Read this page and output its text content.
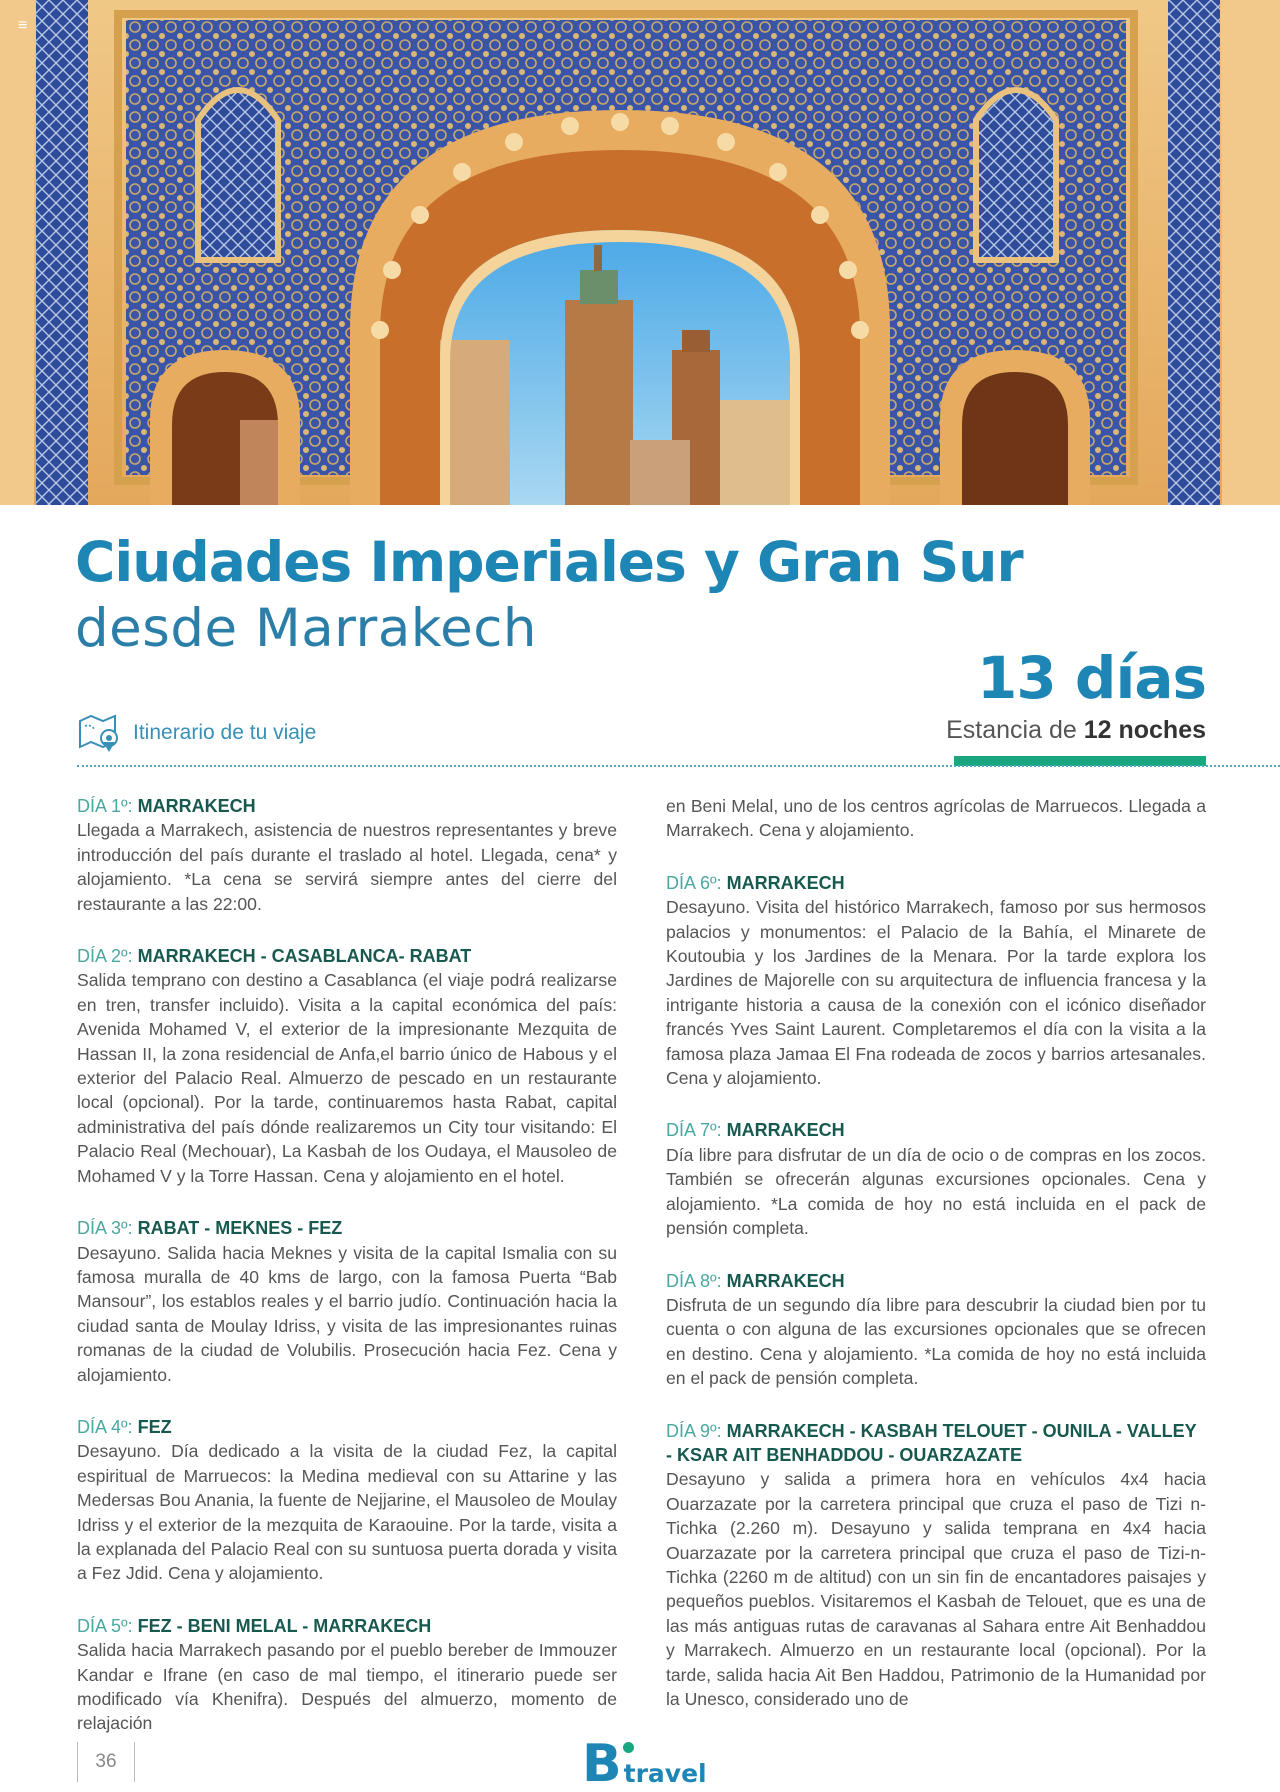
≡
Ciudades Imperiales y Gran Sur
desde Marrakech
13 días
Estancia de 12 noches
Itinerario de tu viaje
DÍA 1º: MARRAKECH

Llegada a Marrakech, asistencia de nuestros representantes y breve introducción del país durante el traslado al hotel. Llegada, cena* y alojamiento. *La cena se servirá siempre antes del cierre del restaurante a las 22:00.

DÍA 2º: MARRAKECH - CASABLANCA- RABAT

Salida temprano con destino a Casablanca (el viaje podrá realizarse en tren, transfer incluido). Visita a la capital económica del país: Avenida Mohamed V, el exterior de la impresionante Mezquita de Hassan II, la zona residencial de Anfa,el barrio único de Habous y el exterior del Palacio Real. Almuerzo de pescado en un restaurante local (opcional). Por la tarde, continuaremos hasta Rabat, capital administrativa del país dónde realizaremos un City tour visitando: El Palacio Real (Mechouar), La Kasbah de los Oudaya, el Mausoleo de Mohamed V y la Torre Hassan. Cena y alojamiento en el hotel.

DÍA 3º: RABAT - MEKNES - FEZ

Desayuno. Salida hacia Meknes y visita de la capital Ismalia con su famosa muralla de 40 kms de largo, con la famosa Puerta “Bab Mansour”, los establos reales y el barrio judío. Continuación hacia la ciudad santa de Moulay Idriss, y visita de las impresionantes ruinas romanas de la ciudad de Volubilis. Prosecución hacia Fez. Cena y alojamiento.

DÍA 4º: FEZ

Desayuno. Día dedicado a la visita de la ciudad Fez, la capital espiritual de Marruecos: la Medina medieval con su Attarine y las Medersas Bou Anania, la fuente de Nejjarine, el Mausoleo de Moulay Idriss y el exterior de la mezquita de Karaouine. Por la tarde, visita a la explanada del Palacio Real con su suntuosa puerta dorada y visita a Fez Jdid. Cena y alojamiento.

DÍA 5º: FEZ - BENI MELAL - MARRAKECH

Salida hacia Marrakech pasando por el pueblo bereber de Immouzer Kandar e Ifrane (en caso de mal tiempo, el itinerario puede ser modificado vía Khenifra). Después del almuerzo, momento de relajación

en Beni Melal, uno de los centros agrícolas de Marruecos. Llegada a Marrakech. Cena y alojamiento.

DÍA 6º: MARRAKECH

Desayuno. Visita del histórico Marrakech, famoso por sus hermosos palacios y monumentos: el Palacio de la Bahía, el Minarete de Koutoubia y los Jardines de la Menara. Por la tarde explora los Jardines de Majorelle con su arquitectura de influencia francesa y la intrigante historia a causa de la conexión con el icónico diseñador francés Yves Saint Laurent. Completaremos el día con la visita a la famosa plaza Jamaa El Fna rodeada de zocos y barrios artesanales. Cena y alojamiento.

DÍA 7º: MARRAKECH

Día libre para disfrutar de un día de ocio o de compras en los zocos. También se ofrecerán algunas excursiones opcionales. Cena y alojamiento. *La comida de hoy no está incluida en el pack de pensión completa.

DÍA 8º: MARRAKECH

Disfruta de un segundo día libre para descubrir la ciudad bien por tu cuenta o con alguna de las excursiones opcionales que se ofrecen en destino. Cena y alojamiento. *La comida de hoy no está incluida en el pack de pensión completa.

DÍA 9º: MARRAKECH - KASBAH TELOUET - OUNILA - VALLEY - KSAR AIT BENHADDOU - OUARZAZATE

Desayuno y salida a primera hora en vehículos 4x4 hacia Ouarzazate por la carretera principal que cruza el paso de Tizi n-Tichka (2.260 m). Desayuno y salida temprana en 4x4 hacia Ouarzazate por la carretera principal que cruza el paso de Tizi-n-Tichka (2260 m de altitud) con un sin fin de encantadores paisajes y pequeños pueblos. Visitaremos el Kasbah de Telouet, que es una de las más antiguas rutas de caravanas al Sahara entre Ait Benhaddou y Marrakech. Almuerzo en un restaurante local (opcional). Por la tarde, salida hacia Ait Ben Haddou, Patrimonio de la Humanidad por la Unesco, considerado uno de

36	B travel
